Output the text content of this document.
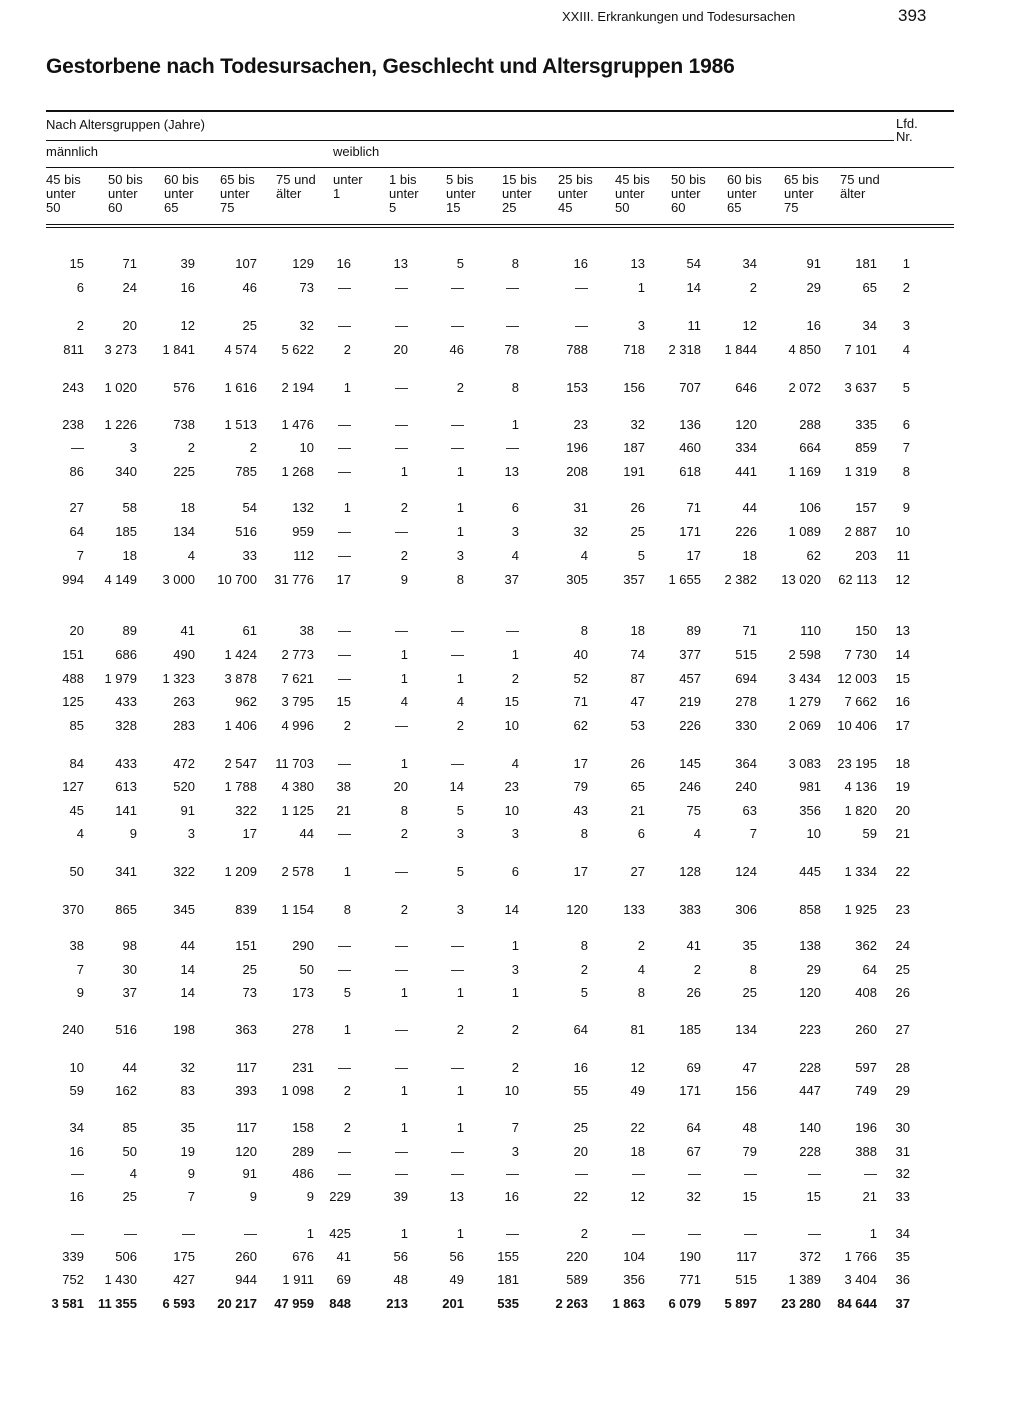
XXIII. Erkrankungen und Todesursachen	393
Gestorbene nach Todesursachen, Geschlecht und Altersgruppen 1986
Nach Altersgruppen (Jahre)	Lfd.
Nr.
männlich	weiblich
45 bis
unter
50
50 bis
unter
60
60 bis
unter
65
65 bis
unter
75
75 und
älter
unter
1
1 bis
unter
5
5 bis
unter
15
15 bis
unter
25
25 bis
unter
45
45 bis
unter
50
50 bis
unter
60
60 bis
unter
65
65 bis
unter
75
75 und
älter
15	71	39	107	129	16	13	5	8	16	13	54	34	91	181	1
6	24	16	46	73	—	—	—	—	—	1	14	2	29	65	2
2	20	12	25	32	—	—	—	—	—	3	11	12	16	34	3
811	3 273	1 841	4 574	5 622	2	20	46	78	788	718	2 318	1 844	4 850	7 101	4
243	1 020	576	1 616	2 194	1	—	2	8	153	156	707	646	2 072	3 637	5
238	1 226	738	1 513	1 476	—	—	—	1	23	32	136	120	288	335	6
—	3	2	2	10	—	—	—	—	196	187	460	334	664	859	7
86	340	225	785	1 268	—	1	1	13	208	191	618	441	1 169	1 319	8
27	58	18	54	132	1	2	1	6	31	26	71	44	106	157	9
64	185	134	516	959	—	—	1	3	32	25	171	226	1 089	2 887	10
7	18	4	33	112	—	2	3	4	4	5	17	18	62	203	11
994	4 149	3 000	10 700	31 776	17	9	8	37	305	357	1 655	2 382	13 020	62 113	12
20	89	41	61	38	—	—	—	—	8	18	89	71	110	150	13
151	686	490	1 424	2 773	—	1	—	1	40	74	377	515	2 598	7 730	14
488	1 979	1 323	3 878	7 621	—	1	1	2	52	87	457	694	3 434	12 003	15
125	433	263	962	3 795	15	4	4	15	71	47	219	278	1 279	7 662	16
85	328	283	1 406	4 996	2	—	2	10	62	53	226	330	2 069	10 406	17
84	433	472	2 547	11 703	—	1	—	4	17	26	145	364	3 083	23 195	18
127	613	520	1 788	4 380	38	20	14	23	79	65	246	240	981	4 136	19
45	141	91	322	1 125	21	8	5	10	43	21	75	63	356	1 820	20
4	9	3	17	44	—	2	3	3	8	6	4	7	10	59	21
50	341	322	1 209	2 578	1	—	5	6	17	27	128	124	445	1 334	22
370	865	345	839	1 154	8	2	3	14	120	133	383	306	858	1 925	23
38	98	44	151	290	—	—	—	1	8	2	41	35	138	362	24
7	30	14	25	50	—	—	—	3	2	4	2	8	29	64	25
9	37	14	73	173	5	1	1	1	5	8	26	25	120	408	26
240	516	198	363	278	1	—	2	2	64	81	185	134	223	260	27
10	44	32	117	231	—	—	—	2	16	12	69	47	228	597	28
59	162	83	393	1 098	2	1	1	10	55	49	171	156	447	749	29
34	85	35	117	158	2	1	1	7	25	22	64	48	140	196	30
16	50	19	120	289	—	—	—	3	20	18	67	79	228	388	31
—	4	9	91	486	—	—	—	—	—	—	—	—	—	—	32
16	25	7	9	9	229	39	13	16	22	12	32	15	15	21	33
—	—	—	—	1	425	1	1	—	2	—	—	—	—	1	34
339	506	175	260	676	41	56	56	155	220	104	190	117	372	1 766	35
752	1 430	427	944	1 911	69	48	49	181	589	356	771	515	1 389	3 404	36
3 581	11 355	6 593	20 217	47 959	848	213	201	535	2 263	1 863	6 079	5 897	23 280	84 644	37
